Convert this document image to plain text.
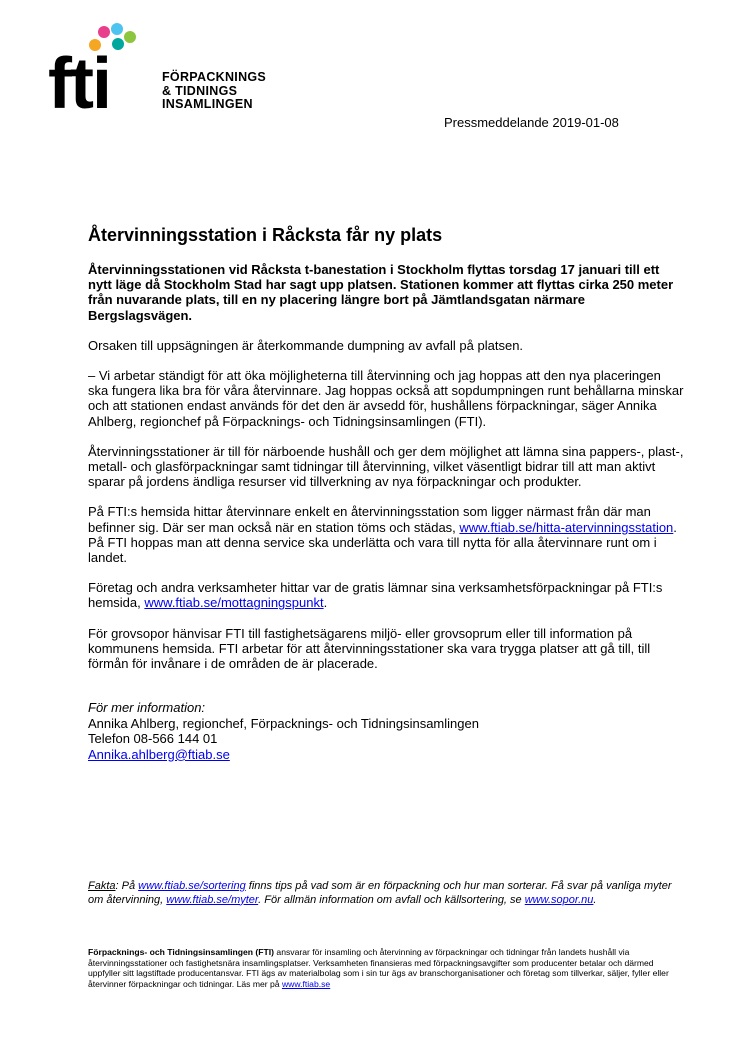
fti	FÖRPACKNINGS
& TIDNINGS
INSAMLINGEN
Pressmeddelande 2019-01-08
Återvinningsstation i Råcksta får ny plats

Återvinningsstationen vid Råcksta t-banestation i Stockholm flyttas torsdag 17 januari till ett nytt läge då Stockholm Stad har sagt upp platsen. Stationen kommer att flyttas cirka 250 meter från nuvarande plats, till en ny placering längre bort på Jämtlandsgatan närmare Bergslagsvägen.

Orsaken till uppsägningen är återkommande dumpning av avfall på platsen.

– Vi arbetar ständigt för att öka möjligheterna till återvinning och jag hoppas att den nya placeringen ska fungera lika bra för våra återvinnare. Jag hoppas också att sopdumpningen runt behållarna minskar och att stationen endast används för det den är avsedd för, hushållens förpackningar, säger Annika Ahlberg, regionchef på Förpacknings- och Tidningsinsamlingen (FTI).

Återvinningsstationer är till för närboende hushåll och ger dem möjlighet att lämna sina pappers-, plast-, metall- och glasförpackningar samt tidningar till återvinning, vilket väsentligt bidrar till att man aktivt sparar på jordens ändliga resurser vid tillverkning av nya förpackningar och produkter.

På FTI:s hemsida hittar återvinnare enkelt en återvinningsstation som ligger närmast från där man befinner sig. Där ser man också när en station töms och städas, www.ftiab.se/hitta-atervinningsstation. På FTI hoppas man att denna service ska underlätta och vara till nytta för alla återvinnare runt om i landet.

Företag och andra verksamheter hittar var de gratis lämnar sina verksamhetsförpackningar på FTI:s hemsida, www.ftiab.se/mottagningspunkt.

För grovsopor hänvisar FTI till fastighetsägarens miljö- eller grovsoprum eller till information på kommunens hemsida. FTI arbetar för att återvinningsstationer ska vara trygga platser att gå till, till förmån för invånare i de områden de är placerade.

För mer information:
Annika Ahlberg, regionchef, Förpacknings- och Tidningsinsamlingen
Telefon 08-566 144 01
Annika.ahlberg@ftiab.se
Fakta: På www.ftiab.se/sortering finns tips på vad som är en förpackning och hur man sorterar. Få svar på vanliga myter om återvinning, www.ftiab.se/myter. För allmän information om avfall och källsortering, se www.sopor.nu.
Förpacknings- och Tidningsinsamlingen (FTI) ansvarar för insamling och återvinning av förpackningar och tidningar från landets hushåll via återvinningsstationer och fastighetsnära insamlingsplatser. Verksamheten finansieras med förpackningsavgifter som producenter betalar och därmed uppfyller sitt lagstiftade producentansvar. FTI ägs av materialbolag som i sin tur ägs av branschorganisationer och företag som tillverkar, säljer, fyller eller återvinner förpackningar och tidningar. Läs mer på www.ftiab.se
